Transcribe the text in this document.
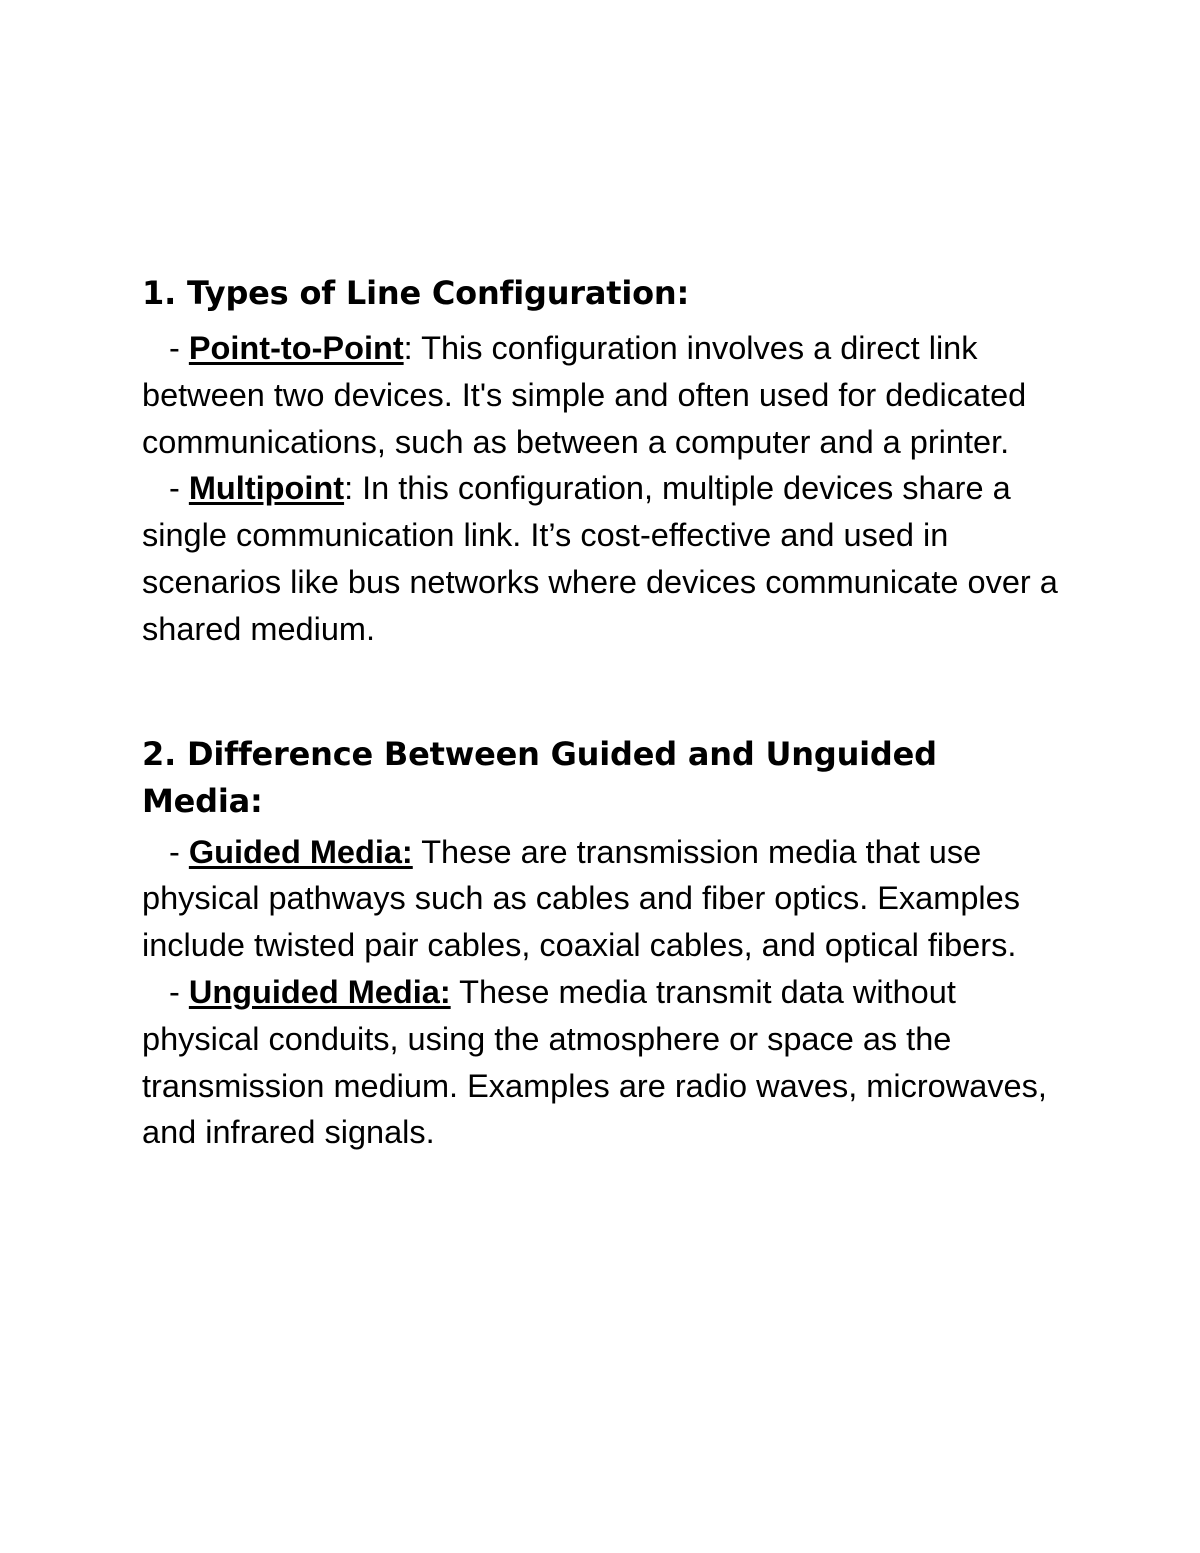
1. Types of Line Configuration:

- Point-to-Point: This configuration involves a direct link between two devices. It's simple and often used for dedicated communications, such as between a computer and a printer.

- Multipoint: In this configuration, multiple devices share a single communication link. It’s cost-effective and used in scenarios like bus networks where devices communicate over a shared medium.

2. Difference Between Guided and Unguided
Media:

- Guided Media: These are transmission media that use physical pathways such as cables and fiber optics. Examples include twisted pair cables, coaxial cables, and optical fibers.

- Unguided Media: These media transmit data without physical conduits, using the atmosphere or space as the transmission medium. Examples are radio waves, microwaves, and infrared signals.
